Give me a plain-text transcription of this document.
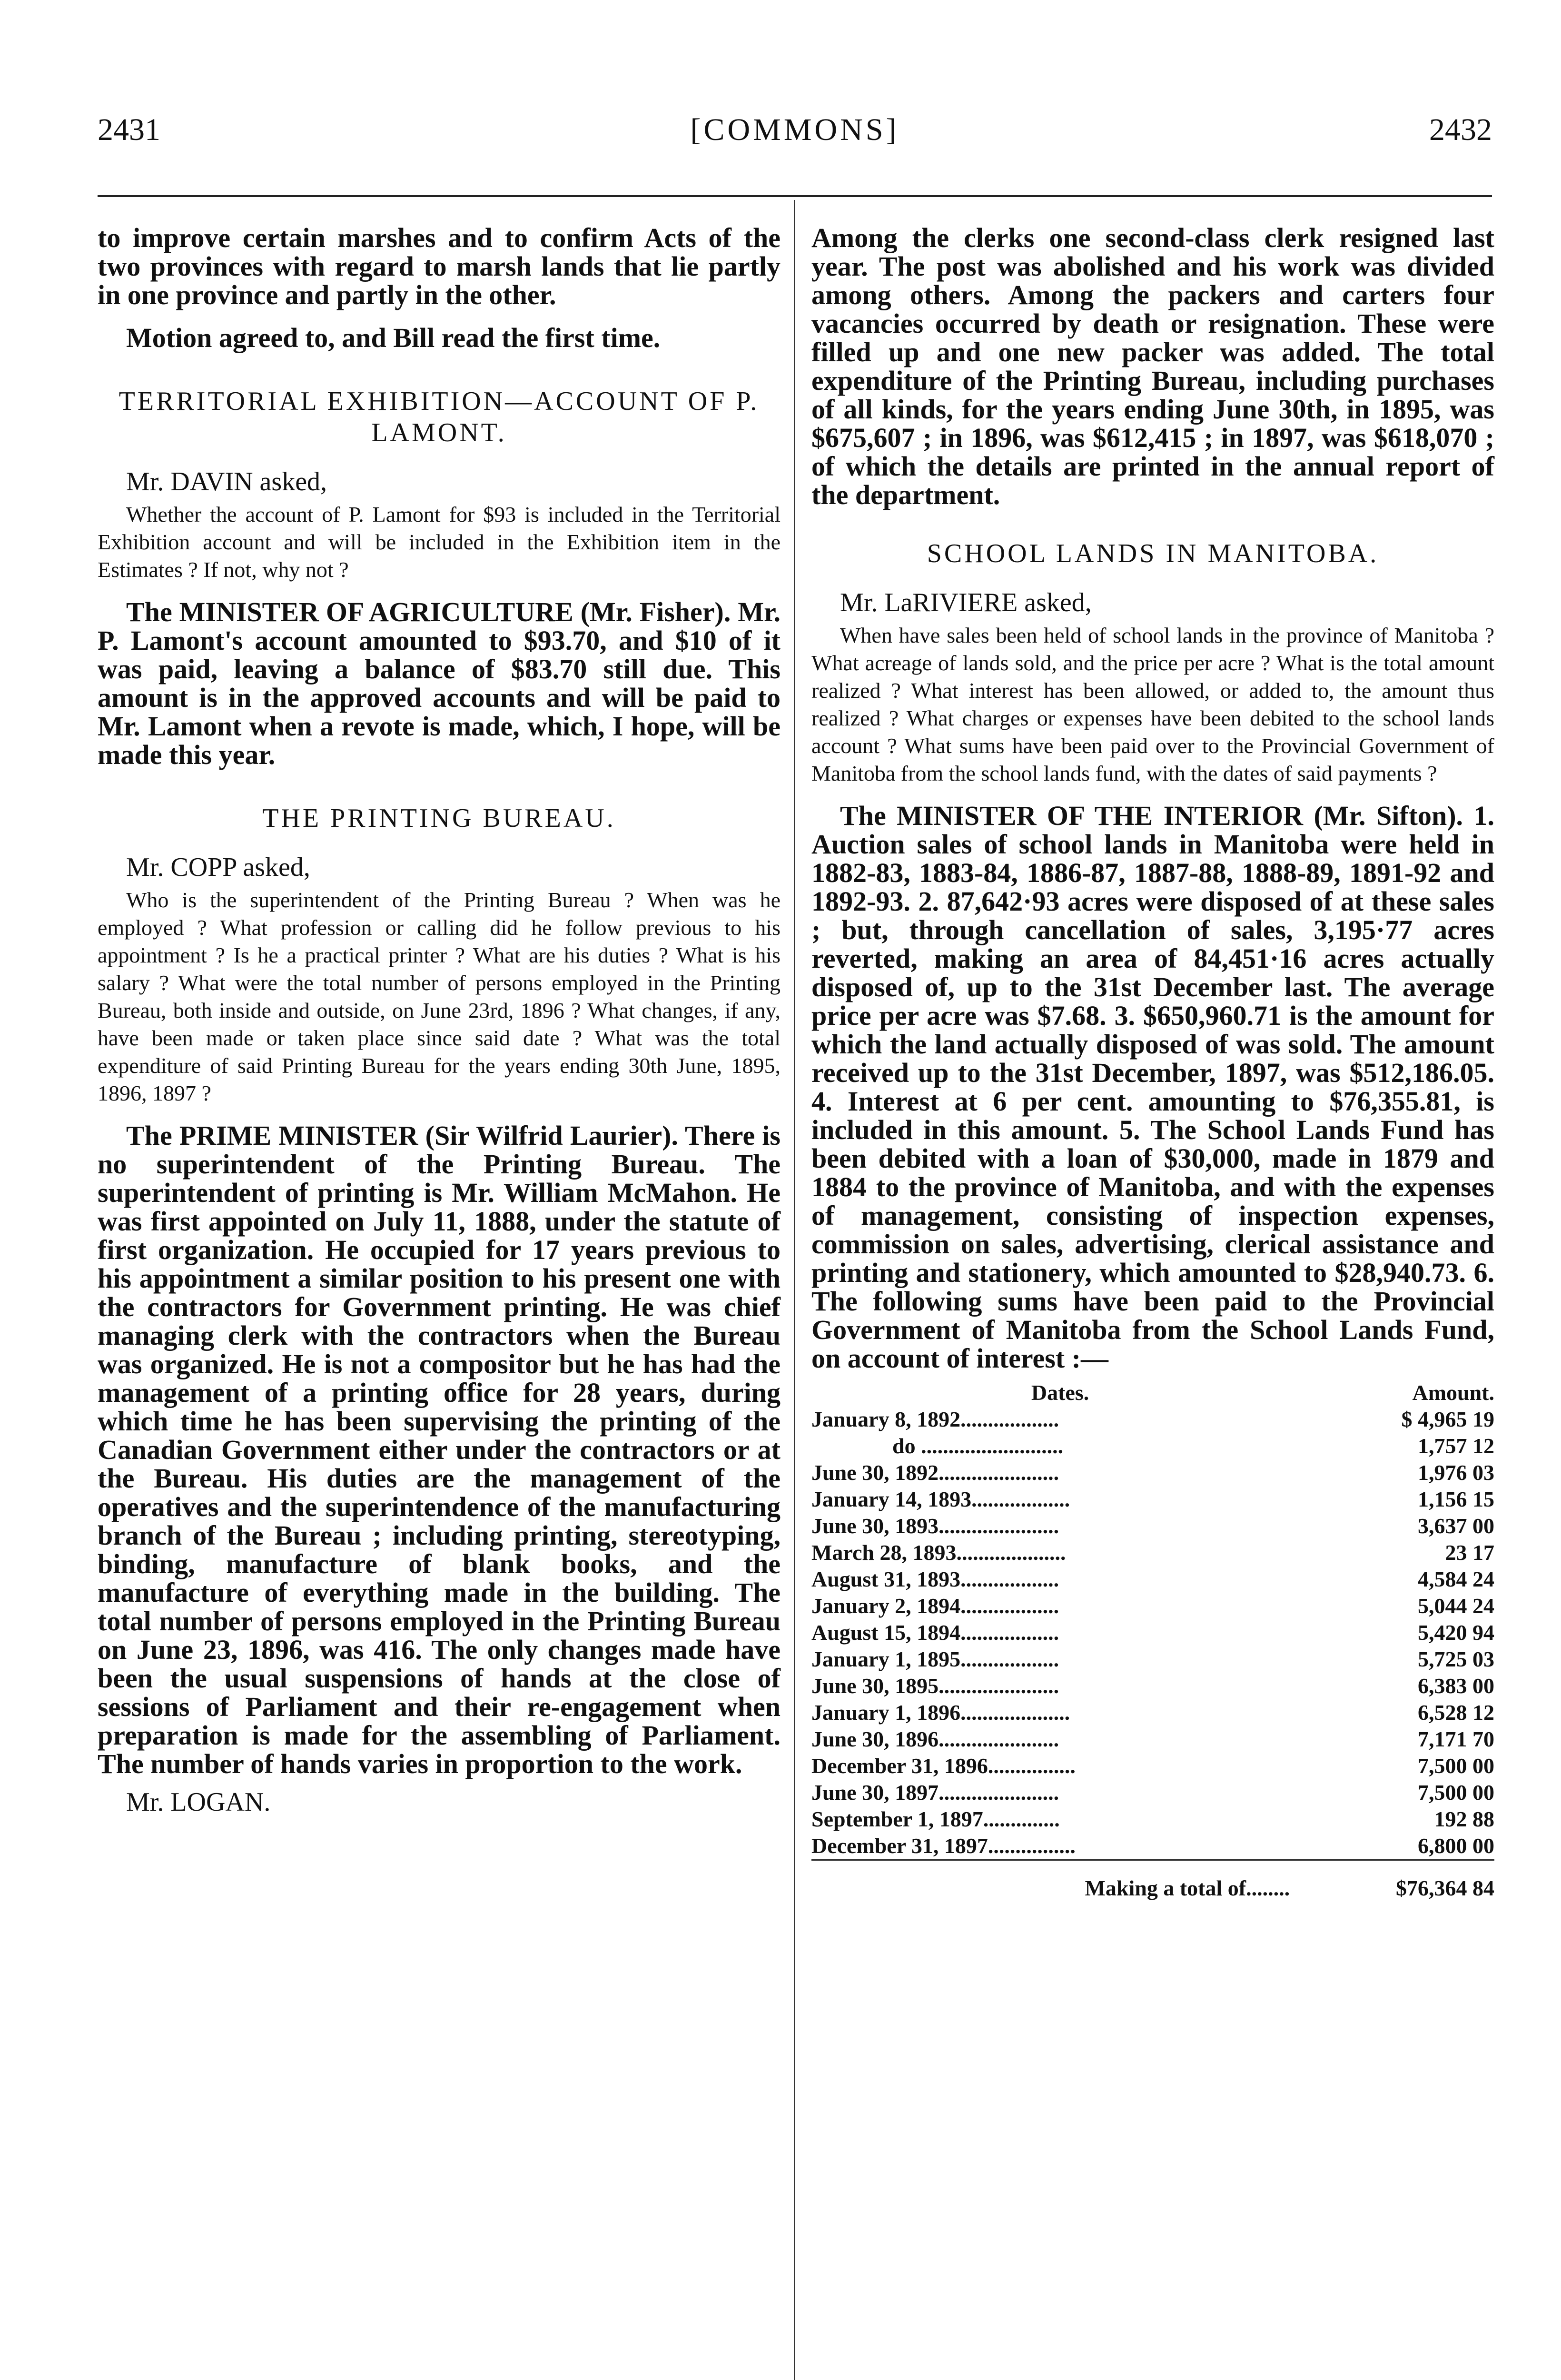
2431	[COMMONS]	2432

to improve certain marshes and to confirm Acts of the two provinces with regard to marsh lands that lie partly in one province and partly in the other.

Motion agreed to, and Bill read the first time.

TERRITORIAL EXHIBITION—ACCOUNT OF P. LAMONT.

Mr. DAVIN asked,

Whether the account of P. Lamont for $93 is included in the Territorial Exhibition account and will be included in the Exhibition item in the Estimates ? If not, why not ?

The MINISTER OF AGRICULTURE (Mr. Fisher). Mr. P. Lamont's account amounted to $93.70, and $10 of it was paid, leaving a balance of $83.70 still due. This amount is in the approved accounts and will be paid to Mr. Lamont when a revote is made, which, I hope, will be made this year.

THE PRINTING BUREAU.

Mr. COPP asked,

Who is the superintendent of the Printing Bureau ? When was he employed ? What profession or calling did he follow previous to his appointment ? Is he a practical printer ? What are his duties ? What is his salary ? What were the total number of persons employed in the Printing Bureau, both inside and outside, on June 23rd, 1896 ? What changes, if any, have been made or taken place since said date ? What was the total expenditure of said Printing Bureau for the years ending 30th June, 1895, 1896, 1897 ?

The PRIME MINISTER (Sir Wilfrid Laurier). There is no superintendent of the Printing Bureau. The superintendent of printing is Mr. William McMahon. He was first appointed on July 11, 1888, under the statute of first organization. He occupied for 17 years previous to his appointment a similar position to his present one with the contractors for Government printing. He was chief managing clerk with the contractors when the Bureau was organized. He is not a compositor but he has had the management of a printing office for 28 years, during which time he has been supervising the printing of the Canadian Government either under the contractors or at the Bureau. His duties are the management of the operatives and the superintendence of the manufacturing branch of the Bureau ; including printing, stereotyping, binding, manufacture of blank books, and the manufacture of everything made in the building. The total number of persons employed in the Printing Bureau on June 23, 1896, was 416. The only changes made have been the usual suspensions of hands at the close of sessions of Parliament and their re-engagement when preparation is made for the assembling of Parliament. The number of hands varies in proportion to the work.

Mr. LOGAN.

Among the clerks one second-class clerk resigned last year. The post was abolished and his work was divided among others. Among the packers and carters four vacancies occurred by death or resignation. These were filled up and one new packer was added. The total expenditure of the Printing Bureau, including purchases of all kinds, for the years ending June 30th, in 1895, was $675,607 ; in 1896, was $612,415 ; in 1897, was $618,070 ; of which the details are printed in the annual report of the department.

SCHOOL LANDS IN MANITOBA.

Mr. LaRIVIERE asked,

When have sales been held of school lands in the province of Manitoba ? What acreage of lands sold, and the price per acre ? What is the total amount realized ? What interest has been allowed, or added to, the amount thus realized ? What charges or expenses have been debited to the school lands account ? What sums have been paid over to the Provincial Government of Manitoba from the school lands fund, with the dates of said payments ?

The MINISTER OF THE INTERIOR (Mr. Sifton). 1. Auction sales of school lands in Manitoba were held in 1882-83, 1883-84, 1886-87, 1887-88, 1888-89, 1891-92 and 1892-93. 2. 87,642·93 acres were disposed of at these sales ; but, through cancellation of sales, 3,195·77 acres reverted, making an area of 84,451·16 acres actually disposed of, up to the 31st December last. The average price per acre was $7.68. 3. $650,960.71 is the amount for which the land actually disposed of was sold. The amount received up to the 31st December, 1897, was $512,186.05. 4. Interest at 6 per cent. amounting to $76,355.81, is included in this amount. 5. The School Lands Fund has been debited with a loan of $30,000, made in 1879 and 1884 to the province of Manitoba, and with the expenses of management, consisting of inspection expenses, commission on sales, advertising, clerical assistance and printing and stationery, which amounted to $28,940.73. 6. The following sums have been paid to the Provincial Government of Manitoba from the School Lands Fund, on account of interest :—

Dates.	Amount.
January 8, 1892..................	$ 4,965 19
do ..........................	1,757 12
June 30, 1892......................	1,976 03
January 14, 1893..................	1,156 15
June 30, 1893......................	3,637 00
March 28, 1893....................	23 17
August 31, 1893..................	4,584 24
January 2, 1894..................	5,044 24
August 15, 1894..................	5,420 94
January 1, 1895..................	5,725 03
June 30, 1895......................	6,383 00
January 1, 1896....................	6,528 12
June 30, 1896......................	7,171 70
December 31, 1896................	7,500 00
June 30, 1897......................	7,500 00
September 1, 1897..............	192 88
December 31, 1897................	6,800 00
Making a total of........	$76,364 84
